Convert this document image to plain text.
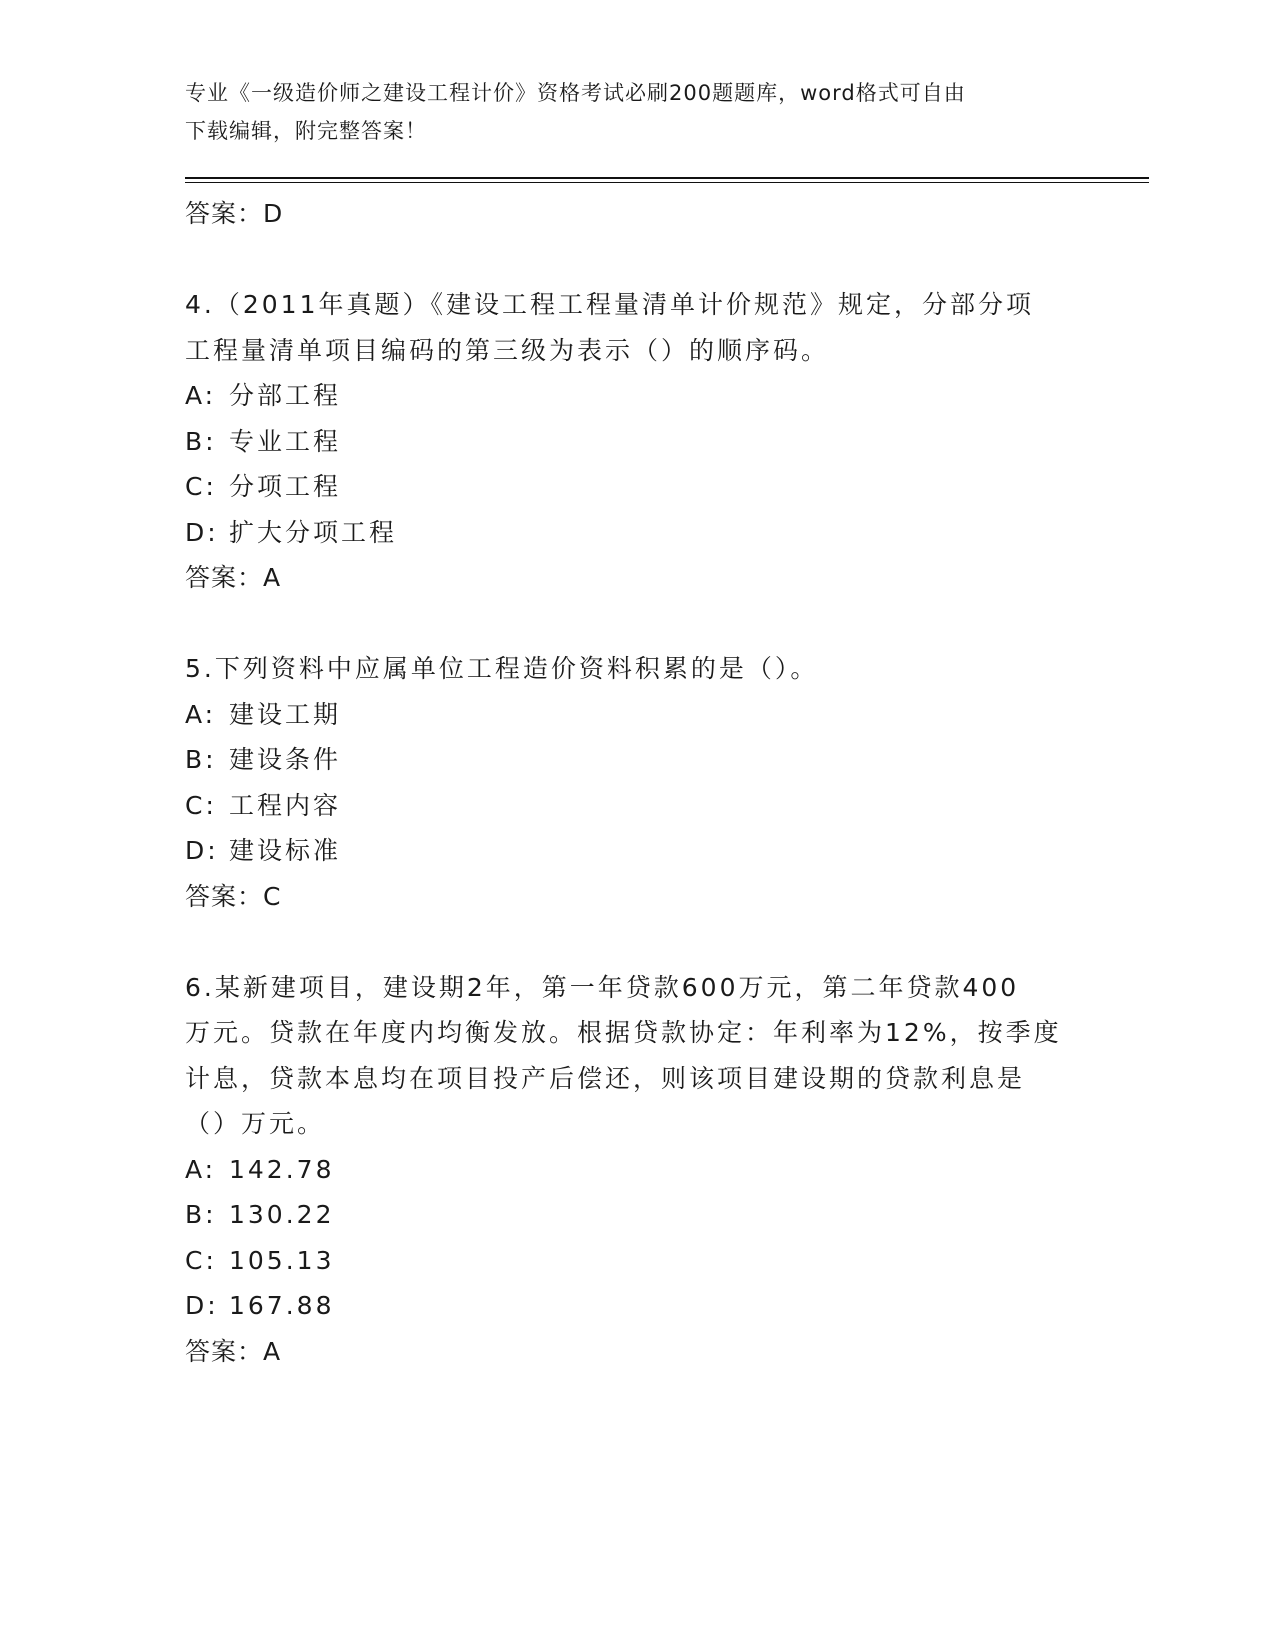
专业《一级造价师之建设工程计价》资格考试必刷200题题库，word格式可自由
下载编辑，附完整答案！
答案：D
4.（2011年真题）《建设工程工程量清单计价规范》规定，分部分项
工程量清单项目编码的第三级为表示（）的顺序码。
A: 分部工程
B: 专业工程
C: 分项工程
D: 扩大分项工程
答案：A
5.下列资料中应属单位工程造价资料积累的是（）。
A: 建设工期
B: 建设条件
C: 工程内容
D: 建设标准
答案：C
6.某新建项目，建设期2年，第一年贷款600万元，第二年贷款400
万元。贷款在年度内均衡发放。根据贷款协定：年利率为12%，按季度
计息，贷款本息均在项目投产后偿还，则该项目建设期的贷款利息是
（）万元。
A: 142.78
B: 130.22
C: 105.13
D: 167.88
答案：A
